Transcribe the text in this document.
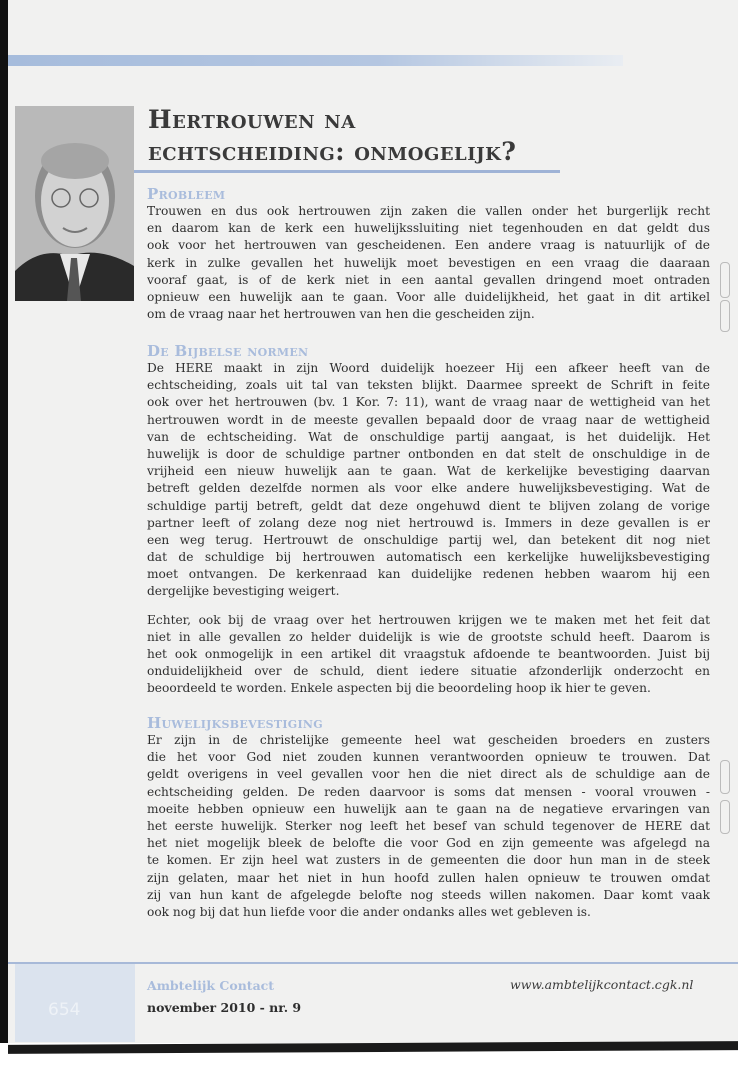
Hertrouwen na
echtscheiding: onmogelijk?
Probleem
Trouwen en dus ook hertrouwen zijn zaken die vallen onder het burgerlijk recht
en daarom kan de kerk een huwelijkssluiting niet tegenhouden en dat geldt dus
ook voor het hertrouwen van gescheidenen. Een andere vraag is natuurlijk of de
kerk in zulke gevallen het huwelijk moet bevestigen en een vraag die daaraan
vooraf gaat, is of de kerk niet in een aantal gevallen dringend moet ontraden
opnieuw een huwelijk aan te gaan. Voor alle duidelijkheid, het gaat in dit artikel
om de vraag naar het hertrouwen van hen die gescheiden zijn.
De Bijbelse normen
De HERE maakt in zijn Woord duidelijk hoezeer Hij een afkeer heeft van de
echtscheiding, zoals uit tal van teksten blijkt. Daarmee spreekt de Schrift in feite
ook over het hertrouwen (bv. 1 Kor. 7: 11), want de vraag naar de wettigheid van het
hertrouwen wordt in de meeste gevallen bepaald door de vraag naar de wettigheid
van de echtscheiding. Wat de onschuldige partij aangaat, is het duidelijk. Het
huwelijk is door de schuldige partner ontbonden en dat stelt de onschuldige in de
vrijheid een nieuw huwelijk aan te gaan. Wat de kerkelijke bevestiging daarvan
betreft gelden dezelfde normen als voor elke andere huwelijksbevestiging. Wat de
schuldige partij betreft, geldt dat deze ongehuwd dient te blijven zolang de vorige
partner leeft of zolang deze nog niet hertrouwd is. Immers in deze gevallen is er
een weg terug. Hertrouwt de onschuldige partij wel, dan betekent dit nog niet
dat de schuldige bij hertrouwen automatisch een kerkelijke huwelijksbevestiging
moet ontvangen. De kerkenraad kan duidelijke redenen hebben waarom hij een
dergelijke bevestiging weigert.
Echter, ook bij de vraag over het hertrouwen krijgen we te maken met het feit dat
niet in alle gevallen zo helder duidelijk is wie de grootste schuld heeft. Daarom is
het ook onmogelijk in een artikel dit vraagstuk afdoende te beantwoorden. Juist bij
onduidelijkheid over de schuld, dient iedere situatie afzonderlijk onderzocht en
beoordeeld te worden. Enkele aspecten bij die beoordeling hoop ik hier te geven.
Huwelijksbevestiging
Er zijn in de christelijke gemeente heel wat gescheiden broeders en zusters
die het voor God niet zouden kunnen verantwoorden opnieuw te trouwen. Dat
geldt overigens in veel gevallen voor hen die niet direct als de schuldige aan de
echtscheiding gelden. De reden daarvoor is soms dat mensen - vooral vrouwen -
moeite hebben opnieuw een huwelijk aan te gaan na de negatieve ervaringen van
het eerste huwelijk. Sterker nog leeft het besef van schuld tegenover de HERE dat
het niet mogelijk bleek de belofte die voor God en zijn gemeente was afgelegd na
te komen. Er zijn heel wat zusters in de gemeenten die door hun man in de steek
zijn gelaten, maar het niet in hun hoofd zullen halen opnieuw te trouwen omdat
zij van hun kant de afgelegde belofte nog steeds willen nakomen. Daar komt vaak
ook nog bij dat hun liefde voor die ander ondanks alles wet gebleven is.
654
Ambtelijk Contact
november 2010 - nr. 9
www.ambtelijkcontact.cgk.nl
